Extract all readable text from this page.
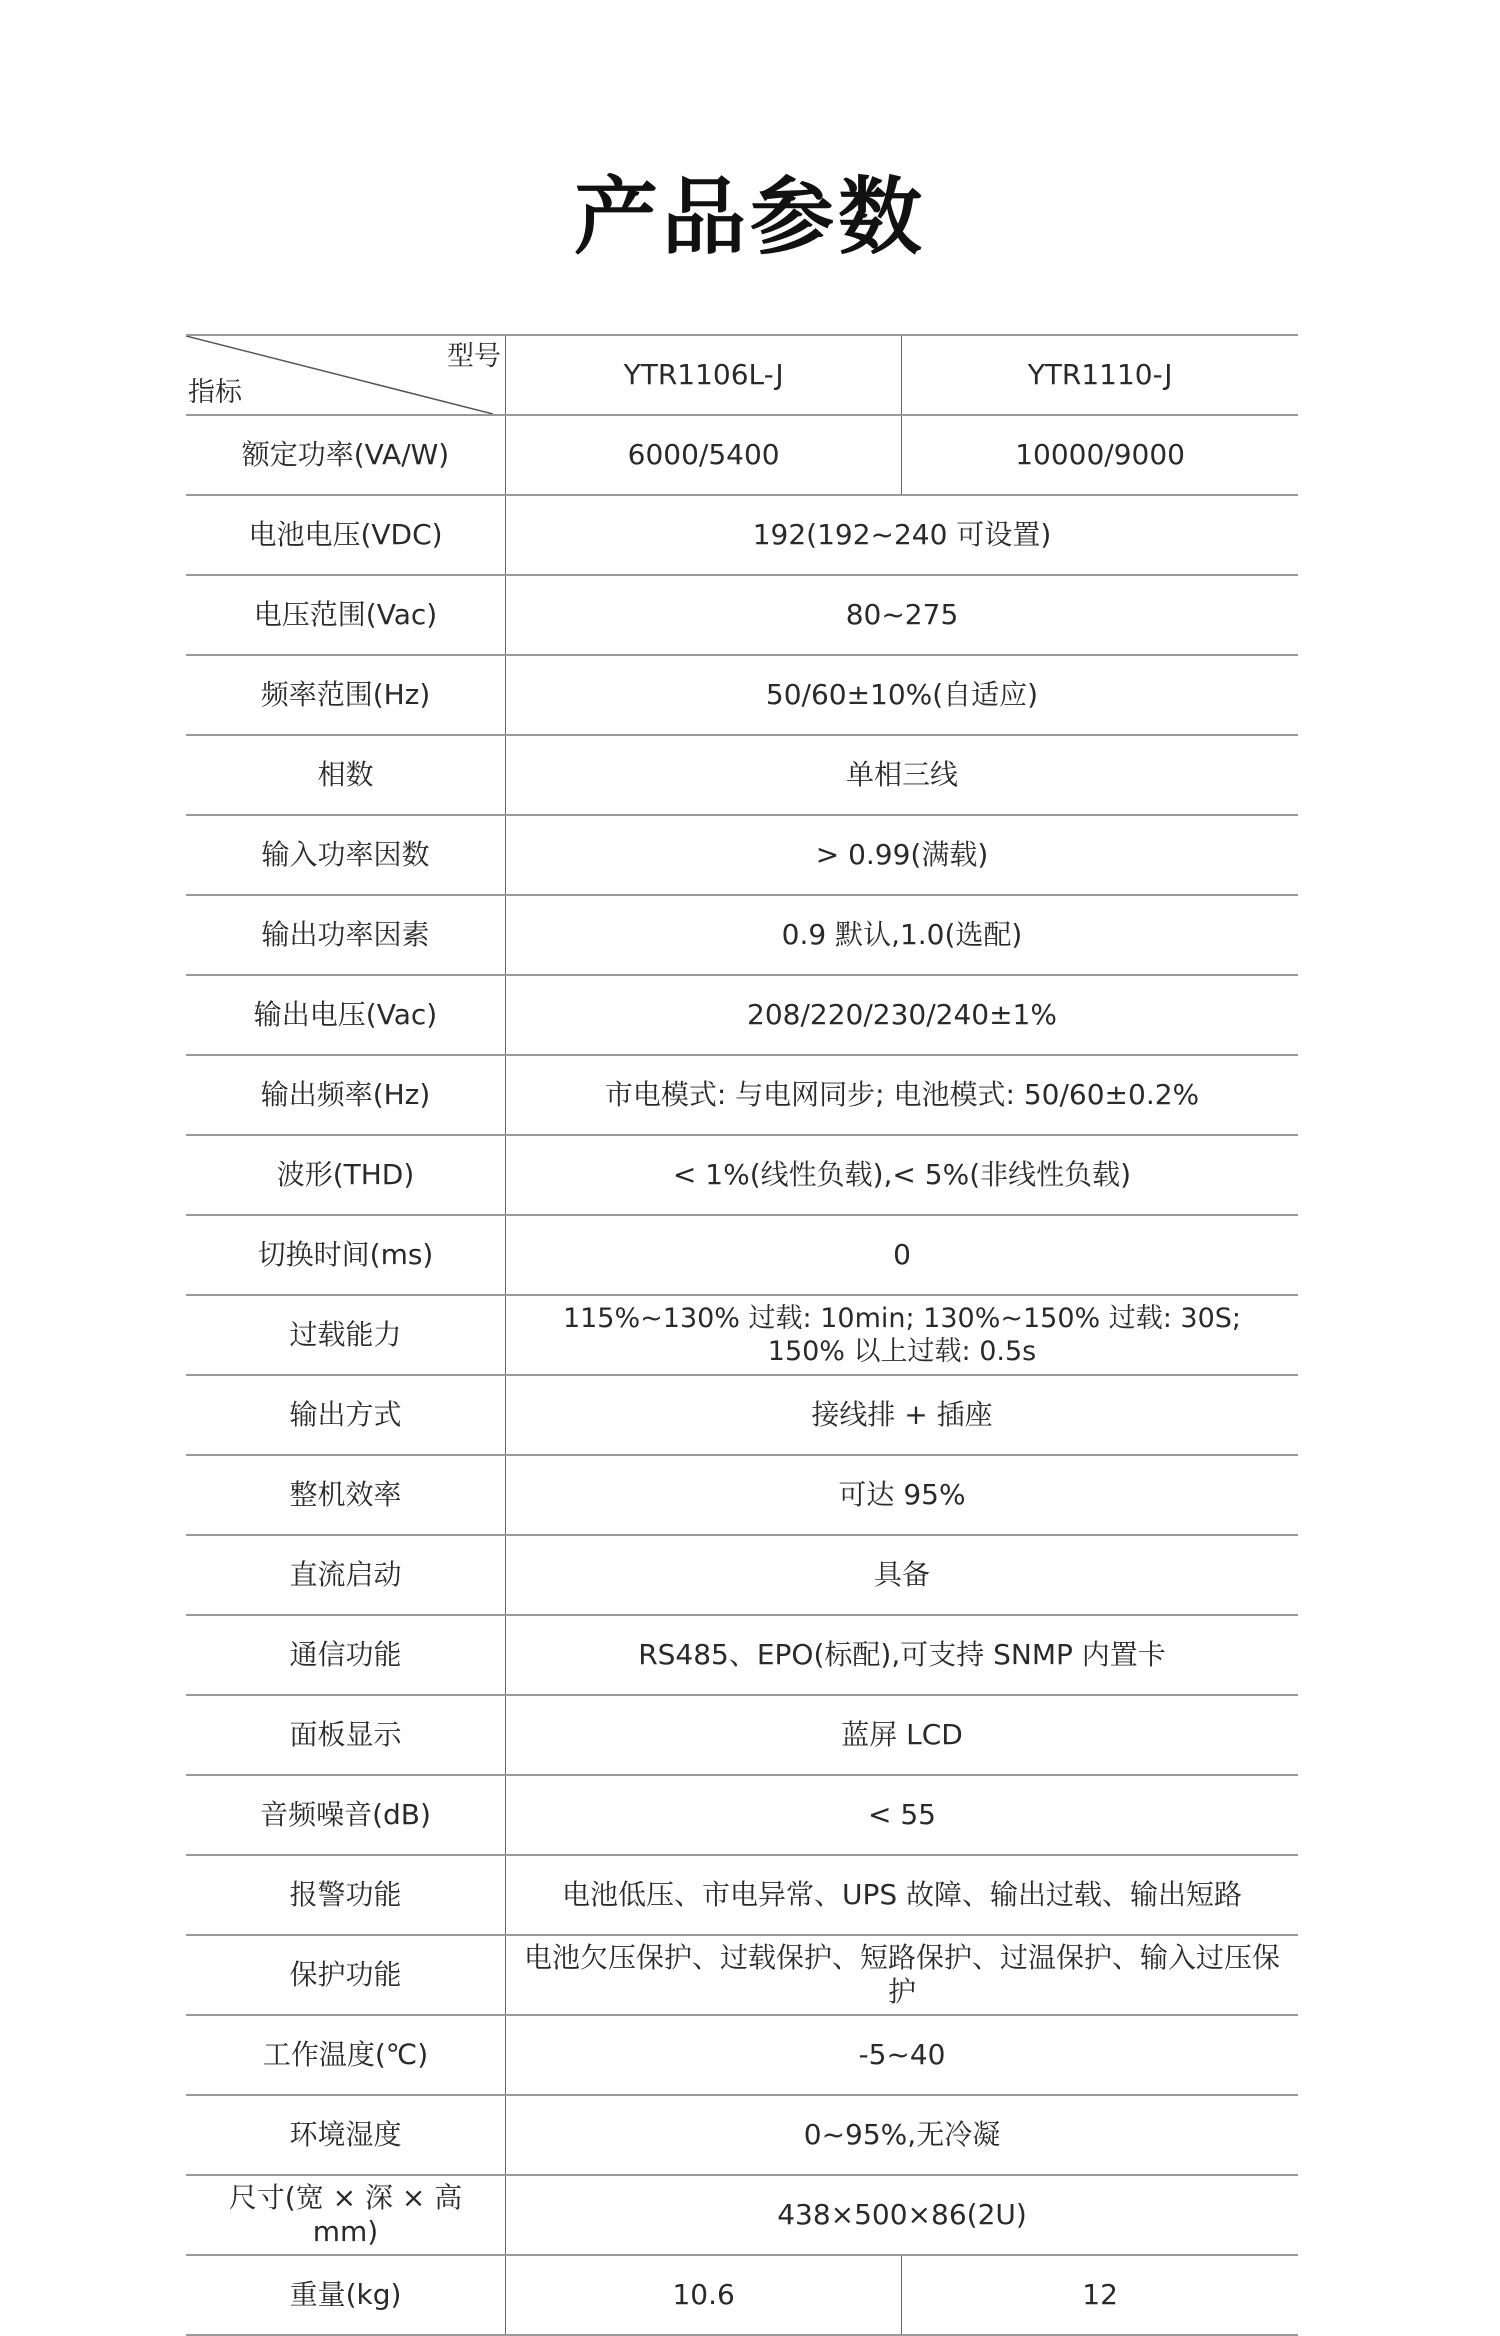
产品参数
型号
指标	YTR1106L-J	YTR1110-J
额定功率(VA/W)	6000/5400	10000/9000
电池电压(VDC)	192(192~240 可设置)	
电压范围(Vac)	80~275	
频率范围(Hz)	50/60±10%(自适应)	
相数	单相三线	
输入功率因数	> 0.99(满载)	
输出功率因素	0.9 默认,1.0(选配)	
输出电压(Vac)	208/220/230/240±1%	
输出频率(Hz)	市电模式: 与电网同步; 电池模式: 50/60±0.2%	
波形(THD)	< 1%(线性负载),< 5%(非线性负载)	
切换时间(ms)	0	
过载能力	115%~130% 过载: 10min; 130%~150% 过载: 30S;
150% 以上过载: 0.5s	

输出方式	接线排 + 插座	
整机效率	可达 95%	
直流启动	具备	
通信功能	RS485、EPO(标配),可支持 SNMP 内置卡	
面板显示	蓝屏 LCD	
音频噪音(dB)	< 55	
报警功能	电池低压、市电异常、UPS 故障、输出过载、输出短路	
保护功能	电池欠压保护、过载保护、短路保护、过温保护、输入过压保护	
工作温度(℃)	-5~40	
环境湿度	0~95%,无冷凝	
尺寸(宽 × 深 × 高 mm)	438×500×86(2U)	
重量(kg)	10.6	12
